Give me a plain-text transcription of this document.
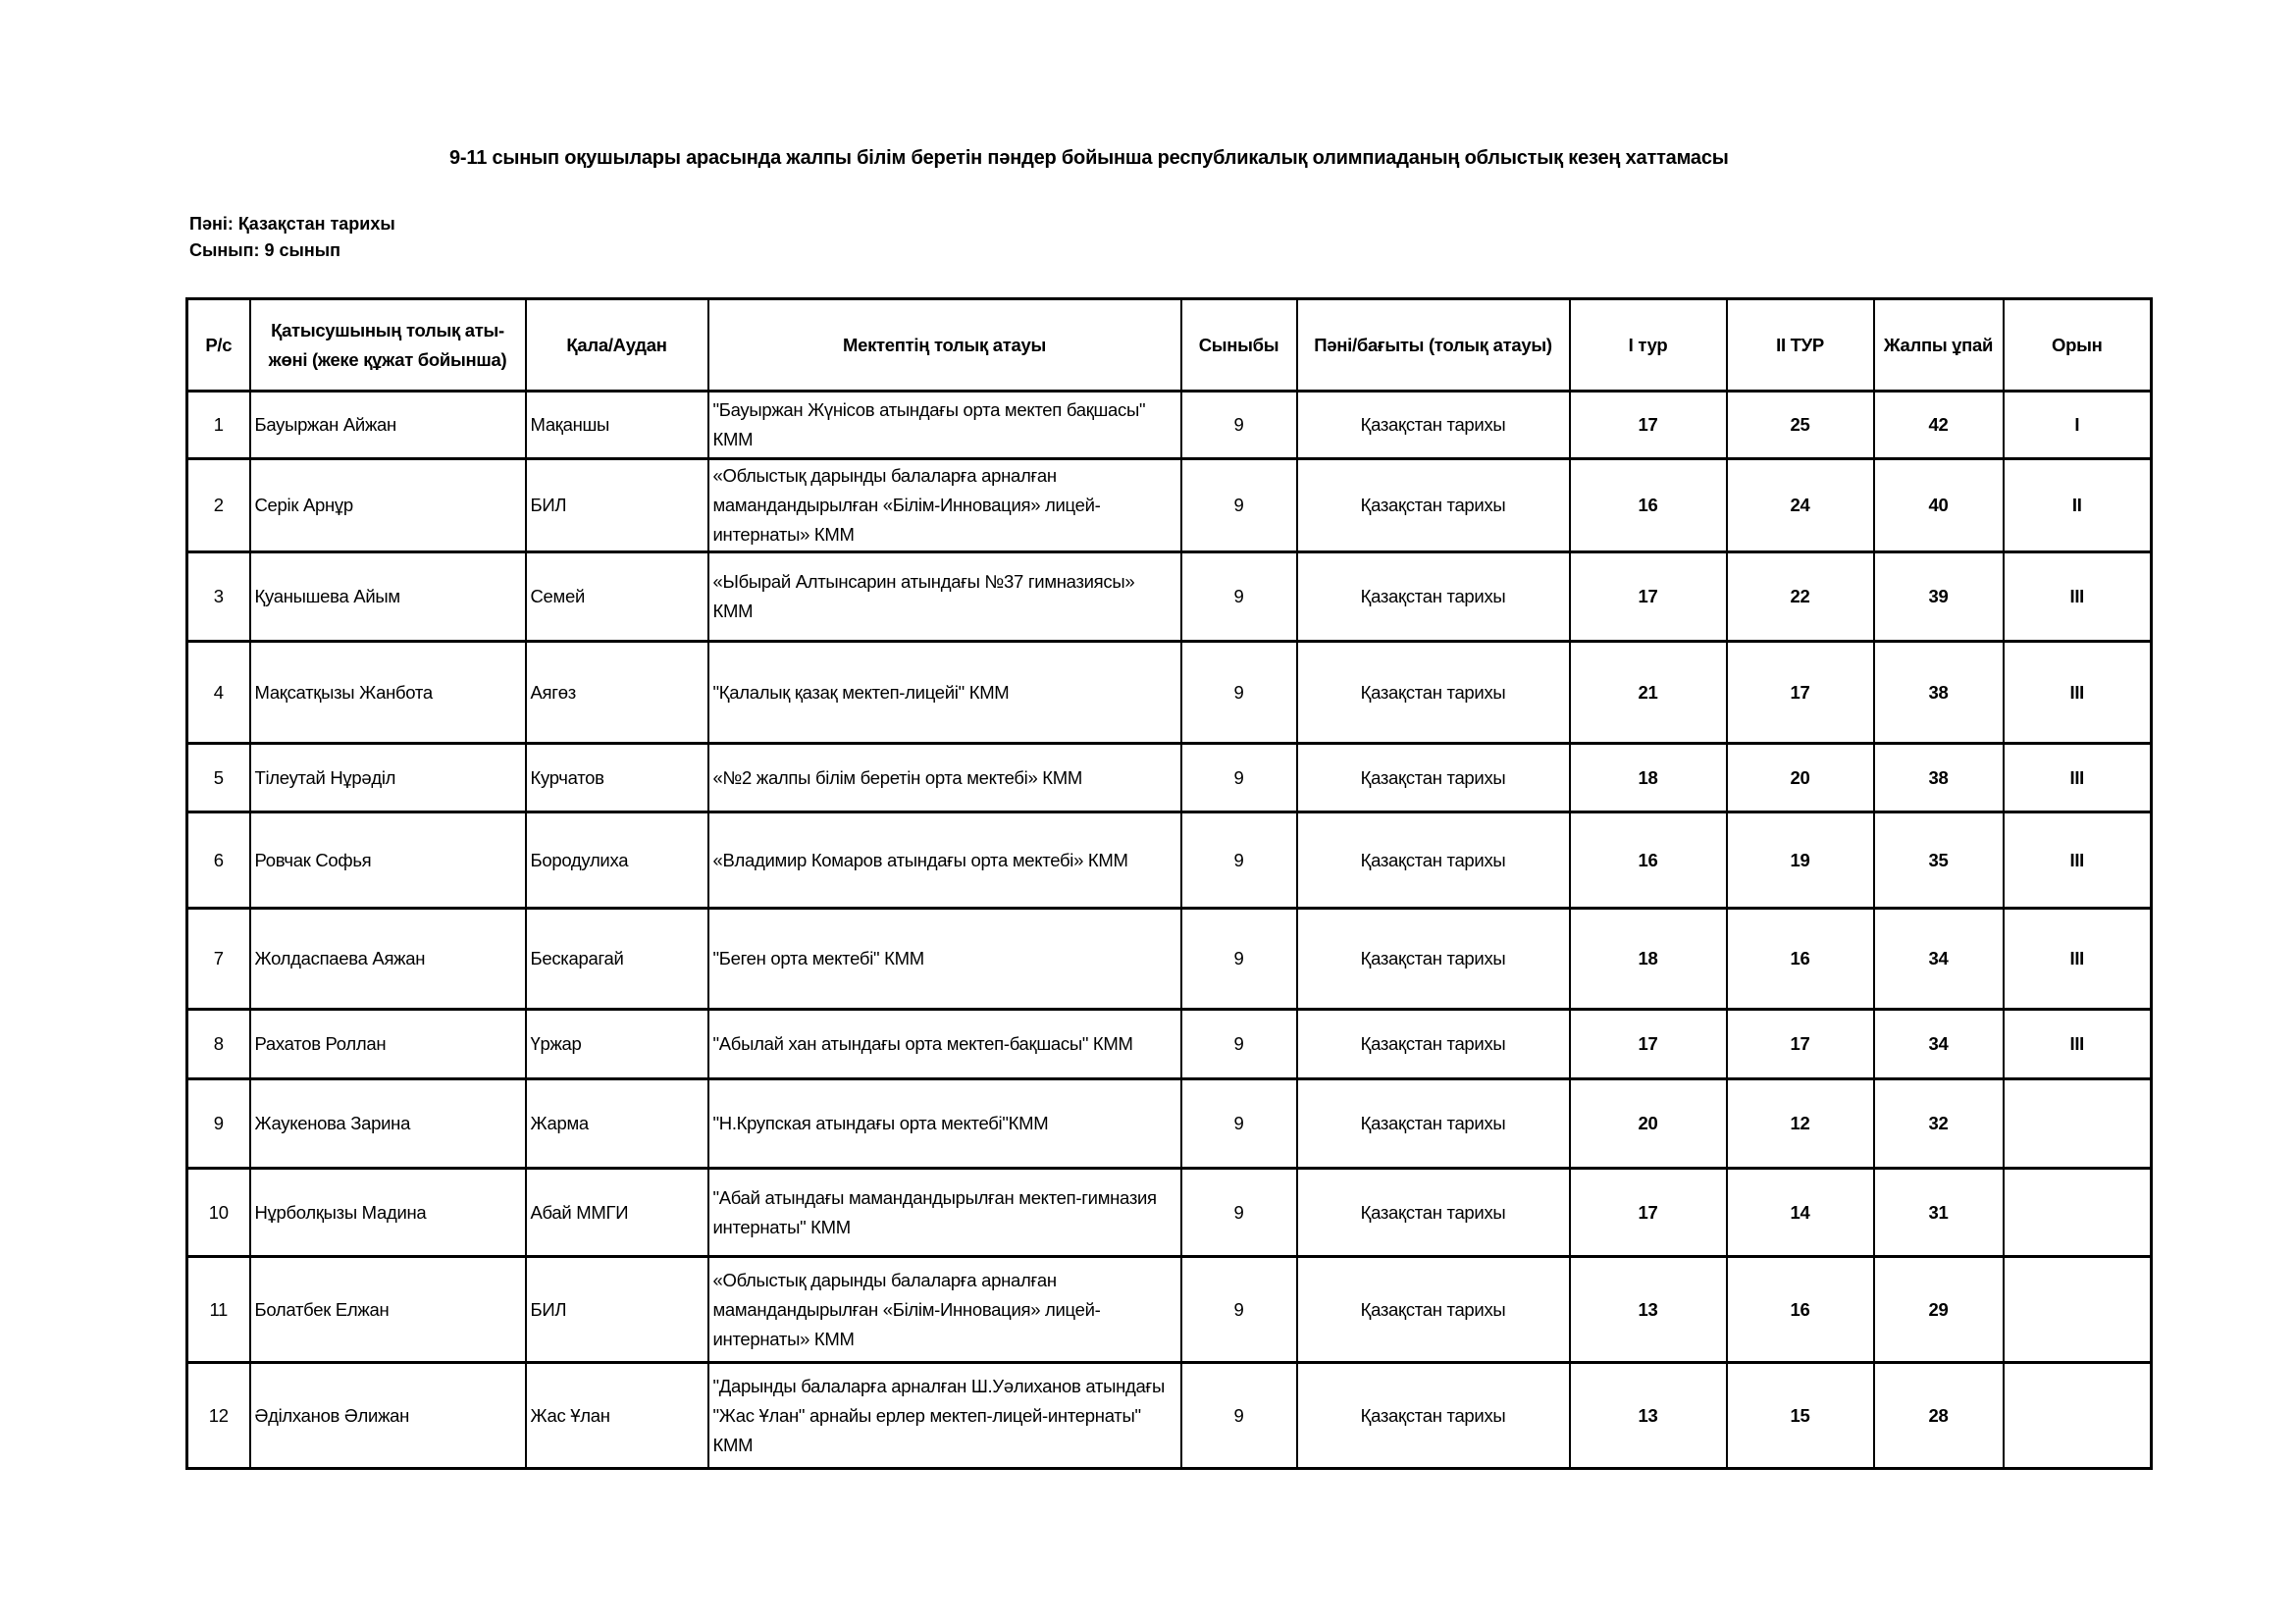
9-11 сынып оқушылары арасында жалпы білім беретін пәндер бойынша республикалық олимпиаданың облыстық кезең хаттамасы
Пәні: Қазақстан тарихы
Сынып: 9 сынып
Р/с	Қатысушының толық аты-жөні (жеке құжат бойынша)	Қала/Аудан	Мектептің толық атауы	Сыныбы	Пәні/бағыты (толық атауы)	I тур	II ТУР	Жалпы ұпай	Орын
1	Бауыржан Айжан	Мақаншы	"Бауыржан Жүнісов атындағы орта мектеп бақшасы" КММ	9	Қазақстан тарихы	17	25	42	I
2	Серік Арнұр	БИЛ	«Облыстық дарынды балаларға арналған мамандандырылған «Білім-Инновация» лицей-интернаты» КММ	9	Қазақстан тарихы	16	24	40	II
3	Қуанышева Айым	Семей	«Ыбырай Алтынсарин атындағы №37 гимназиясы» КММ	9	Қазақстан тарихы	17	22	39	III
4	Мақсатқызы Жанбота	Аягөз	"Қалалық қазақ мектеп-лицейі" КММ	9	Қазақстан тарихы	21	17	38	III
5	Тілеутай Нұрәділ	Курчатов	«№2 жалпы білім беретін орта мектебі» КММ	9	Қазақстан тарихы	18	20	38	III
6	Ровчак Софья	Бородулиха	«Владимир Комаров атындағы орта мектебі» КММ	9	Қазақстан тарихы	16	19	35	III
7	Жолдаспаева Аяжан	Бескарагай	"Беген орта мектебі" КММ	9	Қазақстан тарихы	18	16	34	III
8	Рахатов Роллан	Үржар	"Абылай хан атындағы орта мектеп-бақшасы" КММ	9	Қазақстан тарихы	17	17	34	III
9	Жаукенова Зарина	Жарма	"Н.Крупская атындағы орта мектебі"КММ	9	Қазақстан тарихы	20	12	32	
10	Нұрболқызы Мадина	Абай ММГИ	"Абай атындағы мамандандырылған мектеп-гимназия интернаты" КММ	9	Қазақстан тарихы	17	14	31	
11	Болатбек Елжан	БИЛ	«Облыстық дарынды балаларға арналған мамандандырылған «Білім-Инновация» лицей-интернаты» КММ	9	Қазақстан тарихы	13	16	29	
12	Әділханов Әлижан	Жас Ұлан	"Дарынды балаларға арналған Ш.Уәлиханов атындағы "Жас Ұлан" арнайы ерлер мектеп-лицей-интернаты" КММ	9	Қазақстан тарихы	13	15	28	
